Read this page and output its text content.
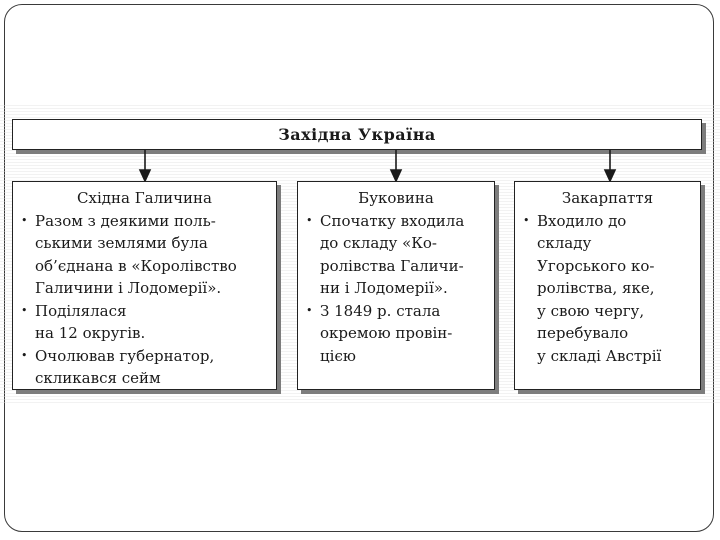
Західна Україна
Східна Галичина
• Разом з деякими поль-
ськими землями була
об’єднана в «Королівство
Галичини і Лодомерії».
• Поділялася
на 12 округів.
• Очолював губернатор,
скликався сейм
Буковина
• Спочатку входила
до складу «Ко-
ролівства Галичи-
ни і Лодомерії».
• З 1849 р. стала
окремою провін-
цією
Закарпаття
• Входило до
складу
Угорського ко-
ролівства, яке,
у свою чергу,
перебувало
у складі Австрії
